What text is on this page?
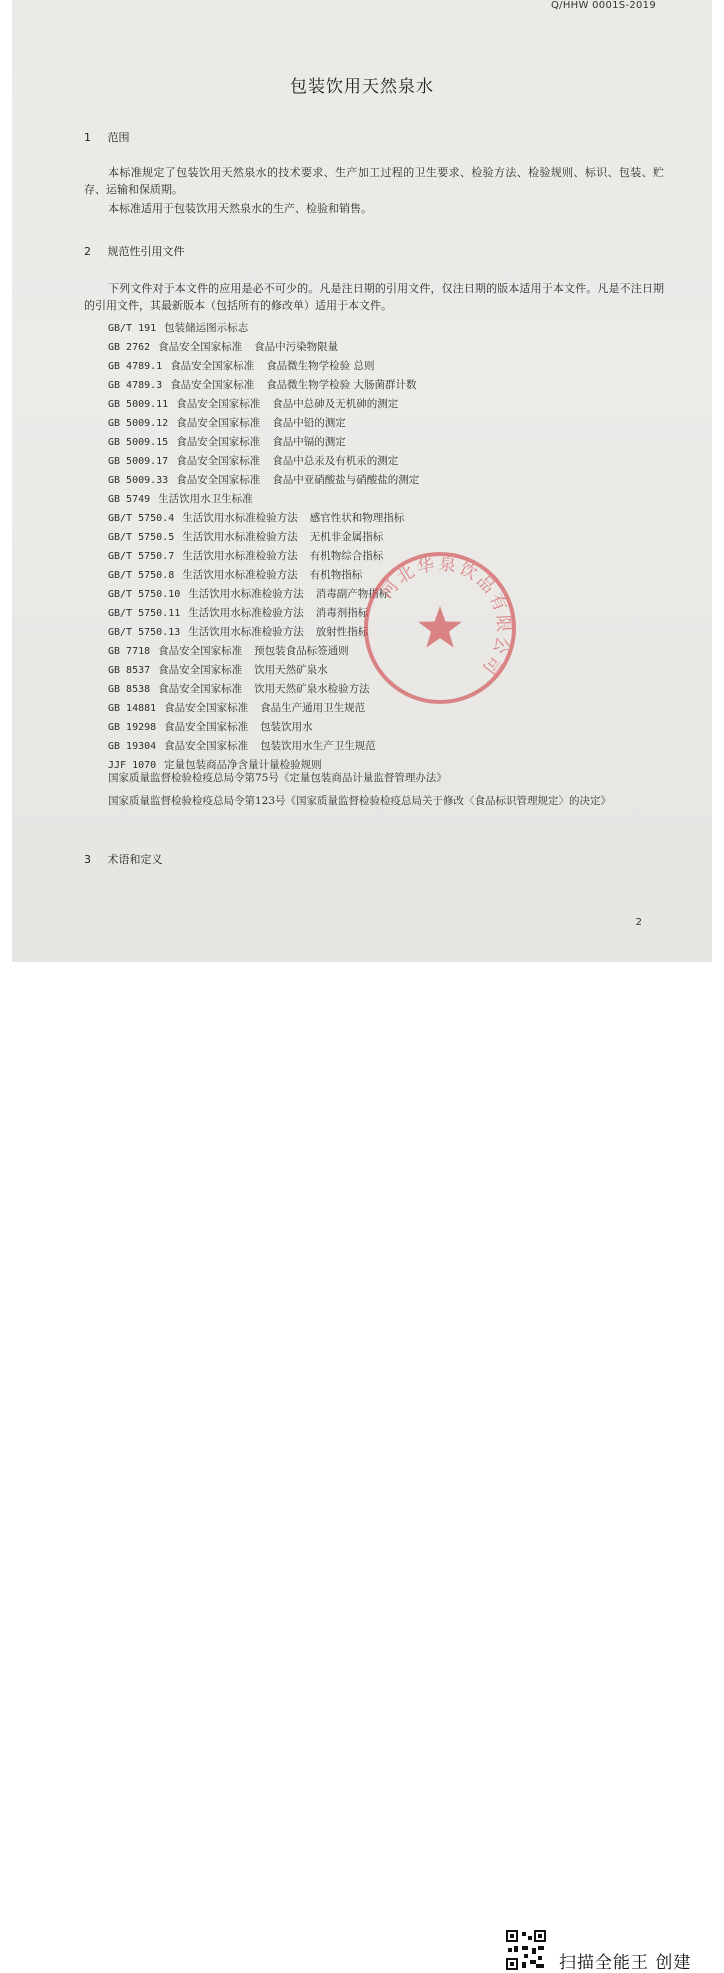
Q/HHW 0001S-2019
包装饮用天然泉水
1 范围
本标准规定了包装饮用天然泉水的技术要求、生产加工过程的卫生要求、检验方法、检验规则、标识、包装、贮存、运输和保质期。
本标准适用于包装饮用天然泉水的生产、检验和销售。
2 规范性引用文件
下列文件对于本文件的应用是必不可少的。凡是注日期的引用文件，仅注日期的版本适用于本文件。凡是不注日期的引用文件，其最新版本（包括所有的修改单）适用于本文件。
GB/T 191 包装储运图示标志
GB 2762 食品安全国家标准 食品中污染物限量
GB 4789.1 食品安全国家标准 食品微生物学检验 总则
GB 4789.3 食品安全国家标准 食品微生物学检验 大肠菌群计数
GB 5009.11 食品安全国家标准 食品中总砷及无机砷的测定
GB 5009.12 食品安全国家标准 食品中铅的测定
GB 5009.15 食品安全国家标准 食品中镉的测定
GB 5009.17 食品安全国家标准 食品中总汞及有机汞的测定
GB 5009.33 食品安全国家标准 食品中亚硝酸盐与硝酸盐的测定
GB 5749 生活饮用水卫生标准
GB/T 5750.4 生活饮用水标准检验方法 感官性状和物理指标
GB/T 5750.5 生活饮用水标准检验方法 无机非金属指标
GB/T 5750.7 生活饮用水标准检验方法 有机物综合指标
GB/T 5750.8 生活饮用水标准检验方法 有机物指标
GB/T 5750.10 生活饮用水标准检验方法 消毒副产物指标
GB/T 5750.11 生活饮用水标准检验方法 消毒剂指标
GB/T 5750.13 生活饮用水标准检验方法 放射性指标
GB 7718 食品安全国家标准 预包装食品标签通则
GB 8537 食品安全国家标准 饮用天然矿泉水
GB 8538 食品安全国家标准 饮用天然矿泉水检验方法
GB 14881 食品安全国家标准 食品生产通用卫生规范
GB 19298 食品安全国家标准 包装饮用水
GB 19304 食品安全国家标准 包装饮用水生产卫生规范
JJF 1070 定量包装商品净含量计量检验规则
国家质量监督检验检疫总局令第75号《定量包装商品计量监督管理办法》
国家质量监督检验检疫总局令第123号《国家质量监督检验检疫总局关于修改〈食品标识管理规定〉的决定》
3 术语和定义
2
河北华泉饮品有限公司
扫描全能王 创建
